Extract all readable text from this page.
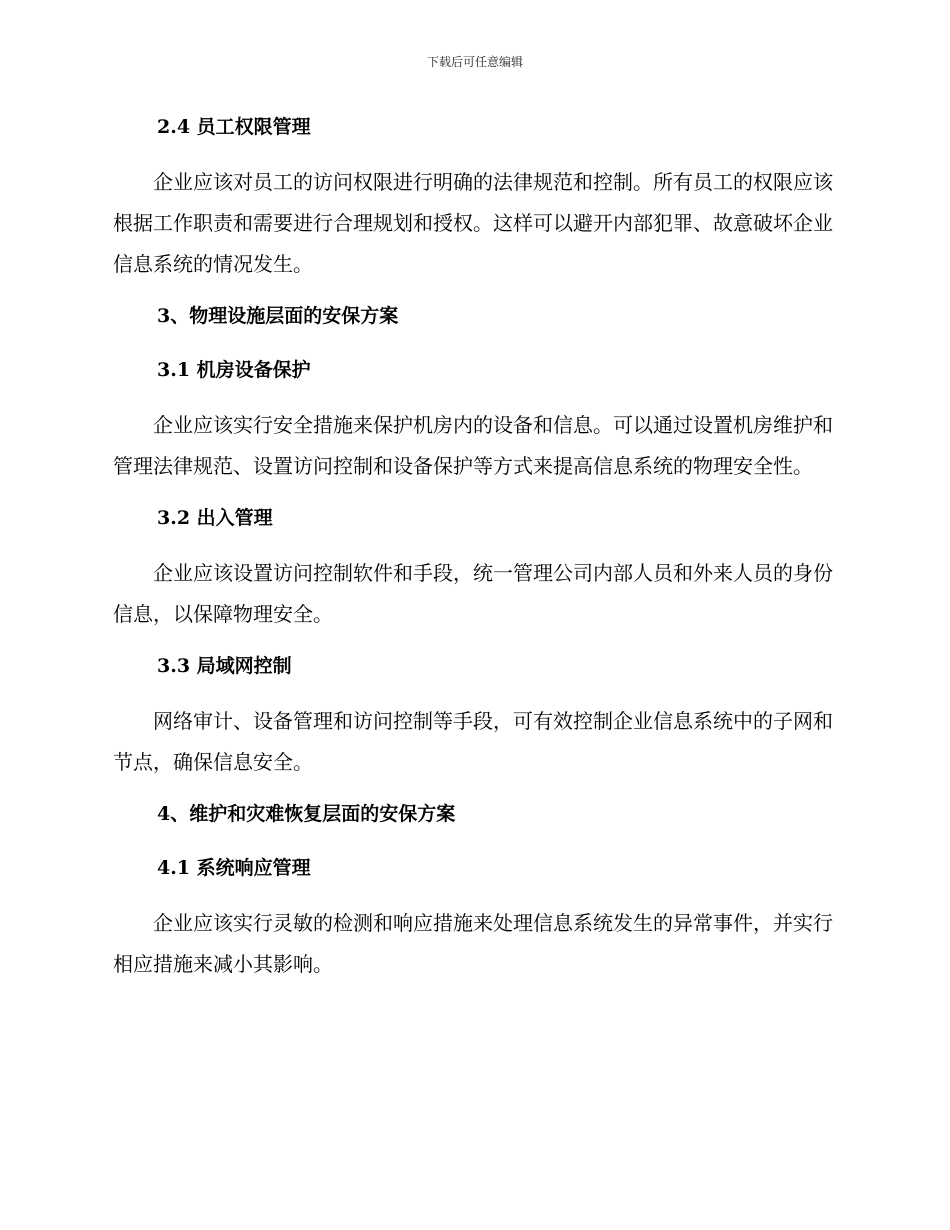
下载后可任意编辑
2.4 员工权限管理
企业应该对员工的访问权限进行明确的法律规范和控制。所有员工的权限应该根据工作职责和需要进行合理规划和授权。这样可以避开内部犯罪、故意破坏企业信息系统的情况发生。
3、物理设施层面的安保方案
3.1 机房设备保护
企业应该实行安全措施来保护机房内的设备和信息。可以通过设置机房维护和管理法律规范、设置访问控制和设备保护等方式来提高信息系统的物理安全性。
3.2 出入管理
企业应该设置访问控制软件和手段，统一管理公司内部人员和外来人员的身份信息，以保障物理安全。
3.3 局域网控制
网络审计、设备管理和访问控制等手段，可有效控制企业信息系统中的子网和节点，确保信息安全。
4、维护和灾难恢复层面的安保方案
4.1 系统响应管理
企业应该实行灵敏的检测和响应措施来处理信息系统发生的异常事件，并实行相应措施来减小其影响。
